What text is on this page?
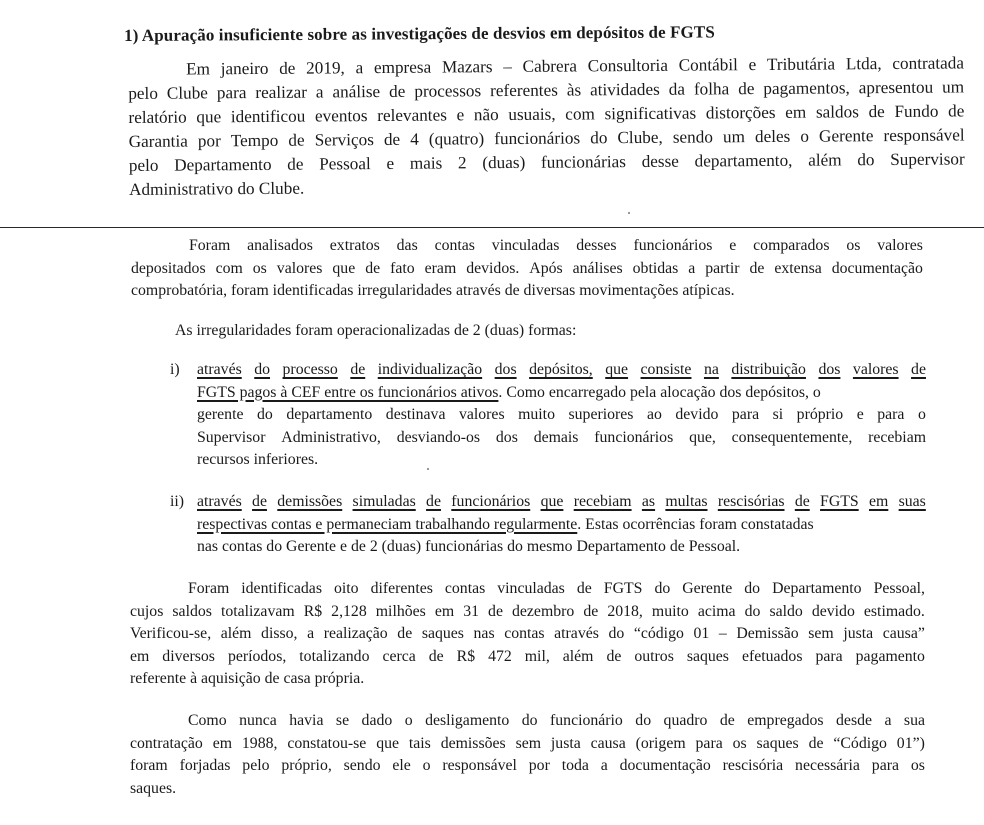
1) Apuração insuficiente sobre as investigações de desvios em depósitos de FGTS
Em janeiro de 2019, a empresa Mazars – Cabrera Consultoria Contábil e Tributária Ltda, contratada
pelo Clube para realizar a análise de processos referentes às atividades da folha de pagamentos, apresentou um
relatório que identificou eventos relevantes e não usuais, com significativas distorções em saldos de Fundo de
Garantia por Tempo de Serviços de 4 (quatro) funcionários do Clube, sendo um deles o Gerente responsável
pelo Departamento de Pessoal e mais 2 (duas) funcionárias desse departamento, além do Supervisor
Administrativo do Clube.
Foram analisados extratos das contas vinculadas desses funcionários e comparados os valores
depositados com os valores que de fato eram devidos. Após análises obtidas a partir de extensa documentação
comprobatória, foram identificadas irregularidades através de diversas movimentações atípicas.
As irregularidades foram operacionalizadas de 2 (duas) formas:
i)	através do processo de individualização dos depósitos, que consiste na distribuição dos valores de
FGTS pagos à CEF entre os funcionários ativos . Como encarregado pela alocação dos depósitos, o
gerente do departamento destinava valores muito superiores ao devido para si próprio e para o
Supervisor Administrativo, desviando-os dos demais funcionários que, consequentemente, recebiam
recursos inferiores.
ii) através de demissões simuladas de funcionários que recebiam as multas rescisórias de FGTS em suas
respectivas contas e permaneciam trabalhando regularmente . Estas ocorrências foram constatadas
nas contas do Gerente e de 2 (duas) funcionárias do mesmo Departamento de Pessoal.
Foram identificadas oito diferentes contas vinculadas de FGTS do Gerente do Departamento Pessoal,
cujos saldos totalizavam R$ 2,128 milhões em 31 de dezembro de 2018, muito acima do saldo devido estimado.
Verificou-se, além disso, a realização de saques nas contas através do “código 01 – Demissão sem justa causa”
em diversos períodos, totalizando cerca de R$ 472 mil, além de outros saques efetuados para pagamento
referente à aquisição de casa própria.
Como nunca havia se dado o desligamento do funcionário do quadro de empregados desde a sua
contratação em 1988, constatou-se que tais demissões sem justa causa (origem para os saques de “Código 01”)
foram forjadas pelo próprio, sendo ele o responsável por toda a documentação rescisória necessária para os
saques.
